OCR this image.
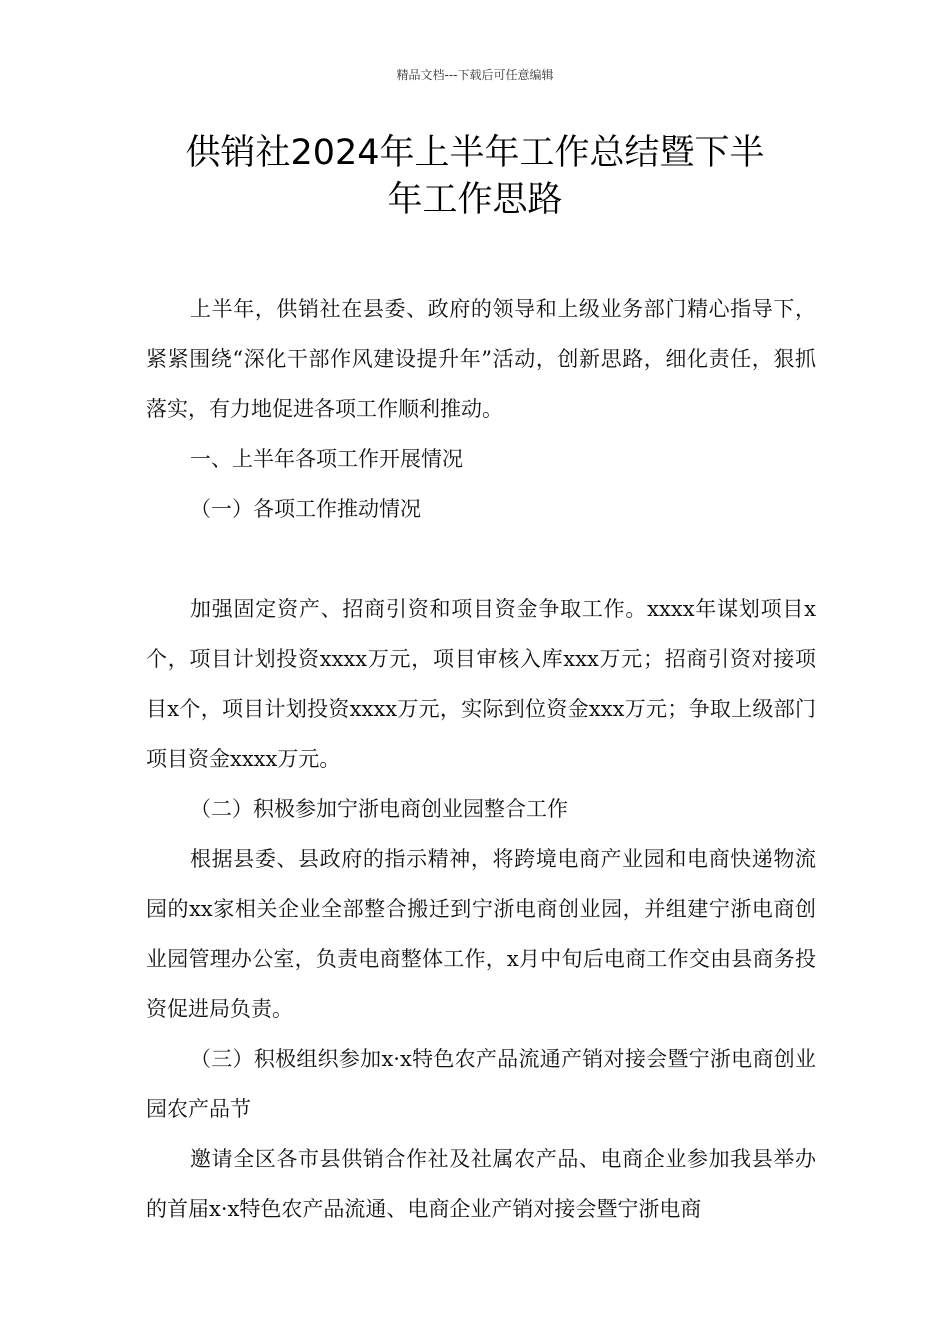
精品文档---下载后可任意编辑
供销社2024年上半年工作总结暨下半
年工作思路

上半年，供销社在县委、政府的领导和上级业务部门精心指导下，紧紧围绕“深化干部作风建设提升年”活动，创新思路，细化责任，狠抓落实，有力地促进各项工作顺利推动。

一、上半年各项工作开展情况

（一）各项工作推动情况

加强固定资产、招商引资和项目资金争取工作。xxxx年谋划项目x个，项目计划投资xxxx万元，项目审核入库xxx万元；招商引资对接项目x个，项目计划投资xxxx万元，实际到位资金xxx万元；争取上级部门项目资金xxxx万元。

（二）积极参加宁浙电商创业园整合工作

根据县委、县政府的指示精神，将跨境电商产业园和电商快递物流园的xx家相关企业全部整合搬迁到宁浙电商创业园，并组建宁浙电商创业园管理办公室，负责电商整体工作，x月中旬后电商工作交由县商务投资促进局负责。

（三）积极组织参加x·x特色农产品流通产销对接会暨宁浙电商创业园农产品节

邀请全区各市县供销合作社及社属农产品、电商企业参加我县举办的首届x·x特色农产品流通、电商企业产销对接会暨宁浙电商
